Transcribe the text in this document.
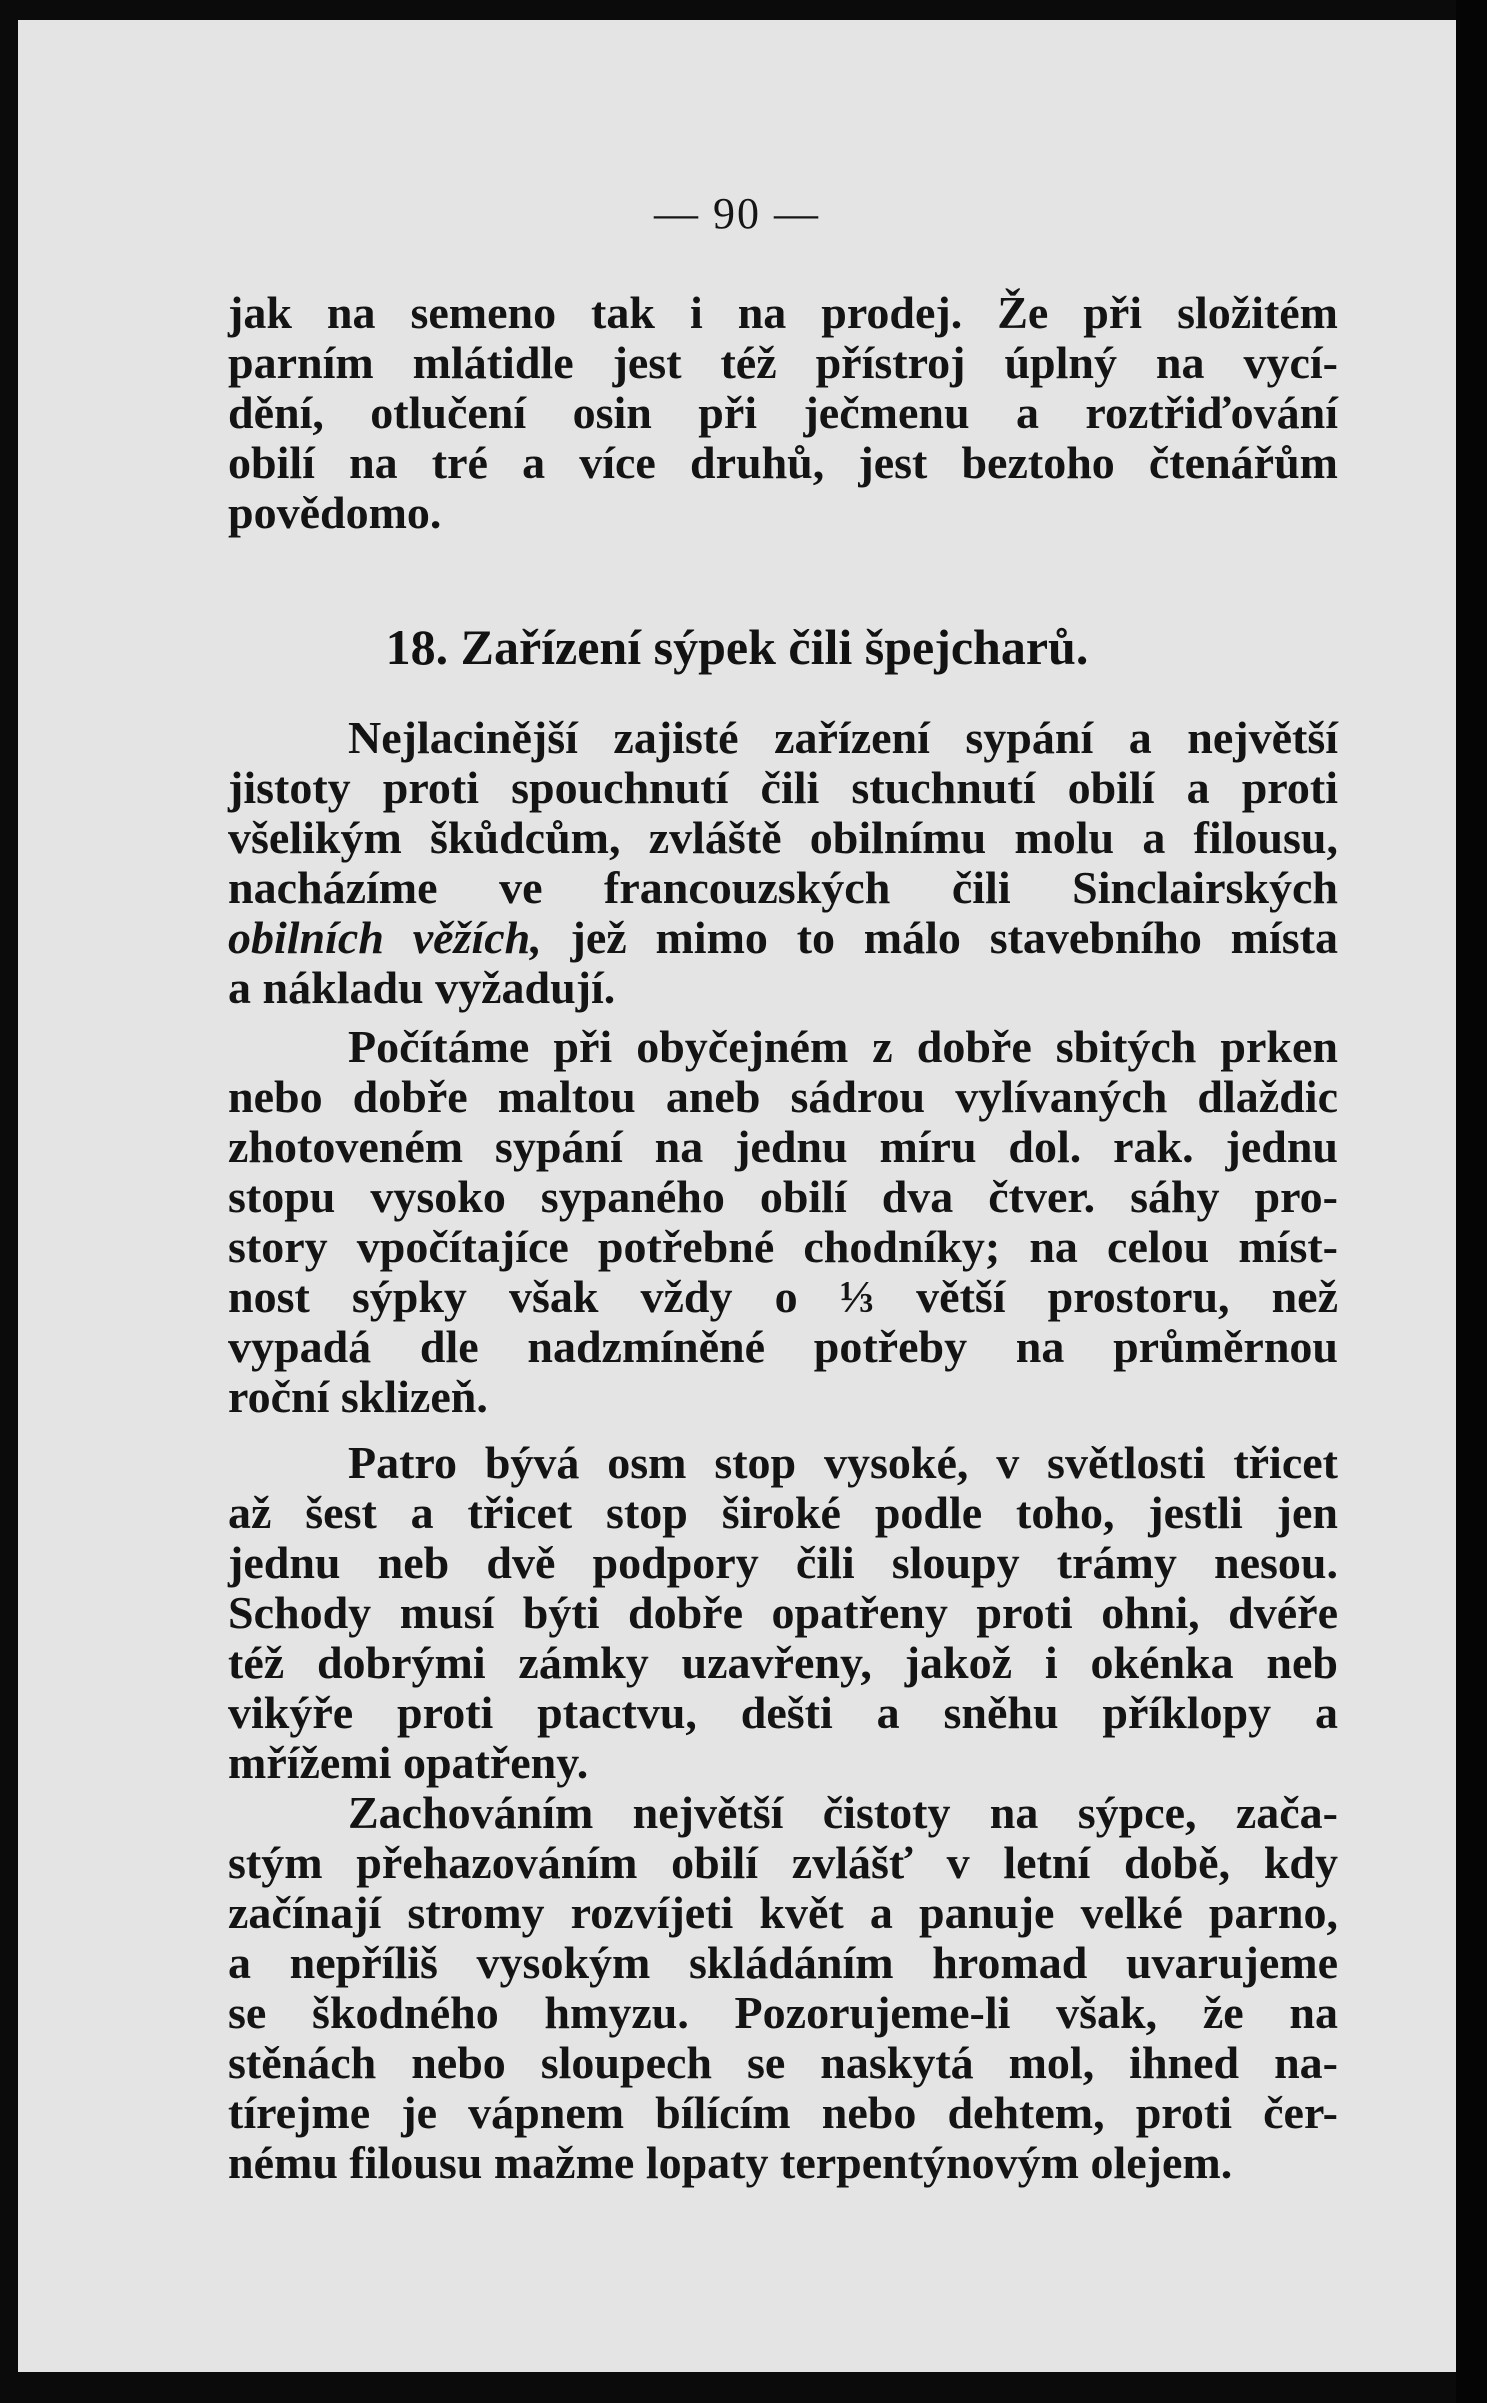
— 90 —
jak na semeno tak i na prodej. Že při složitém
parním mlátidle jest též přístroj úplný na vycí-
dění, otlučení osin při ječmenu a roztřiďování
obilí na tré a více druhů, jest beztoho čtenářům
povědomo.
18. Zařízení sýpek čili špejcharů.
Nejlacinější zajisté zařízení sypání a největší
jistoty proti spouchnutí čili stuchnutí obilí a proti
všelikým škůdcům, zvláště obilnímu molu a filousu,
nacházíme ve francouzských čili Sinclairských
obilních věžích, jež mimo to málo stavebního místa
a nákladu vyžadují.
Počítáme při obyčejném z dobře sbitých prken
nebo dobře maltou aneb sádrou vylívaných dlaždic
zhotoveném sypání na jednu míru dol. rak. jednu
stopu vysoko sypaného obilí dva čtver. sáhy pro-
story vpočítajíce potřebné chodníky; na celou míst-
nost sýpky však vždy o ⅓ větší prostoru, než
vypadá dle nadzmíněné potřeby na průměrnou
roční sklizeň.
Patro bývá osm stop vysoké, v světlosti třicet
až šest a třicet stop široké podle toho, jestli jen
jednu neb dvě podpory čili sloupy trámy nesou.
Schody musí býti dobře opatřeny proti ohni, dvéře
též dobrými zámky uzavřeny, jakož i okénka neb
vikýře proti ptactvu, dešti a sněhu příklopy a
mřížemi opatřeny.
Zachováním největší čistoty na sýpce, zača-
stým přehazováním obilí zvlášť v letní době, kdy
začínají stromy rozvíjeti květ a panuje velké parno,
a nepříliš vysokým skládáním hromad uvarujeme
se škodného hmyzu. Pozorujeme-li však, že na
stěnách nebo sloupech se naskytá mol, ihned na-
tírejme je vápnem bílícím nebo dehtem, proti čer-
nému filousu mažme lopaty terpentýnovým olejem.
